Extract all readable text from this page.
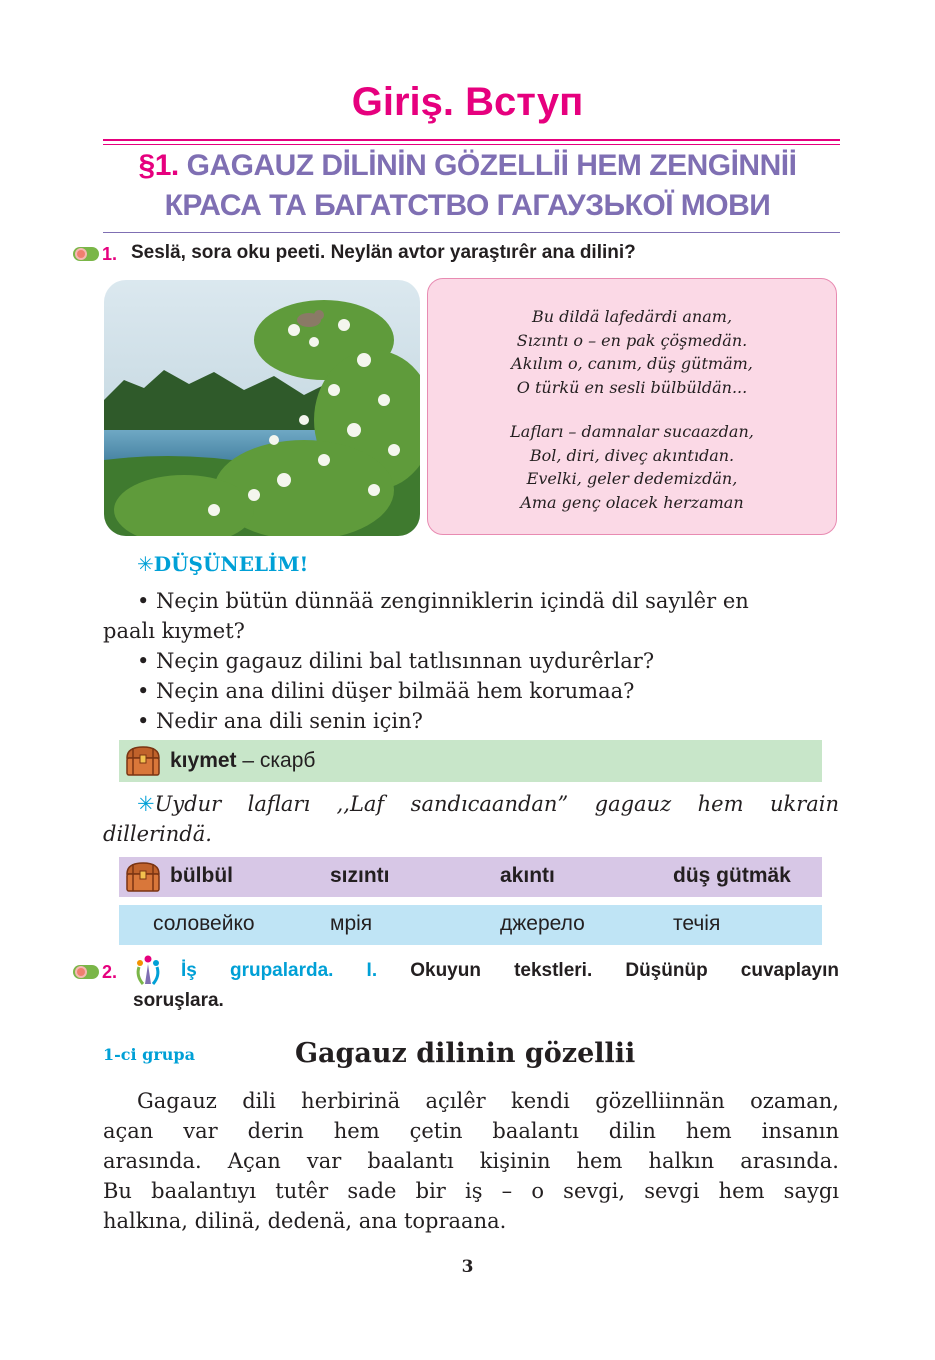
Giriş. Вступ
§1. GAGAUZ DİLİNİN GÖZELLİİ HEM ZENGİNNİİ
КРАСА ТА БАГАТСТВО ГАГАУЗЬКОЇ МОВИ
1. Seslä, sora oku peeti. Neylän avtor yaraştırêr ana dilini?
Bu dildä lafedärdi anam,
Sızıntı o – en pak çöşmedän.
Akılım o, canım, düş gütmäm,
O türkü en sesli bülbüldän...
Lafları – damnalar sucaazdan,
Bol, diri, diveç akıntıdan.
Evelki, geler dedemizdän,
Ama genç olacek herzaman
✳DÜŞÜNELİM!
• Neçin bütün dünnää zenginniklerin içindä dil sayılêr en
paalı kıymet?
• Neçin gagauz dilini bal tatlısınnan uydurêrlar?
• Neçin ana dilini düşer bilmää hem korumaa?
• Nedir ana dili senin için?
kıymet – скарб
✳Uydur lafları ,,Laf sandıcaandan” gagauz hem ukrain
dillerindä.
bülbül	sızıntı	akıntı	düş gütmäk
соловейко	мрія	джерело	течія
2.	İş grupalarda. I. Okuyun tekstleri. Düşünüp cuvaplayın
soruşlara.
1-ci grupa	Gagauz dilinin gözellii
Gagauz dili herbirinä açılêr kendi gözelliinnän ozaman,
açan var derin hem çetin baalantı dilin hem insanın
arasında. Açan var baalantı kişinin hem halkın arasında.
Bu baalantıyı tutêr sade bir iş – o sevgi, sevgi hem saygı
halkına, dilinä, dedenä, ana topraana.
3
